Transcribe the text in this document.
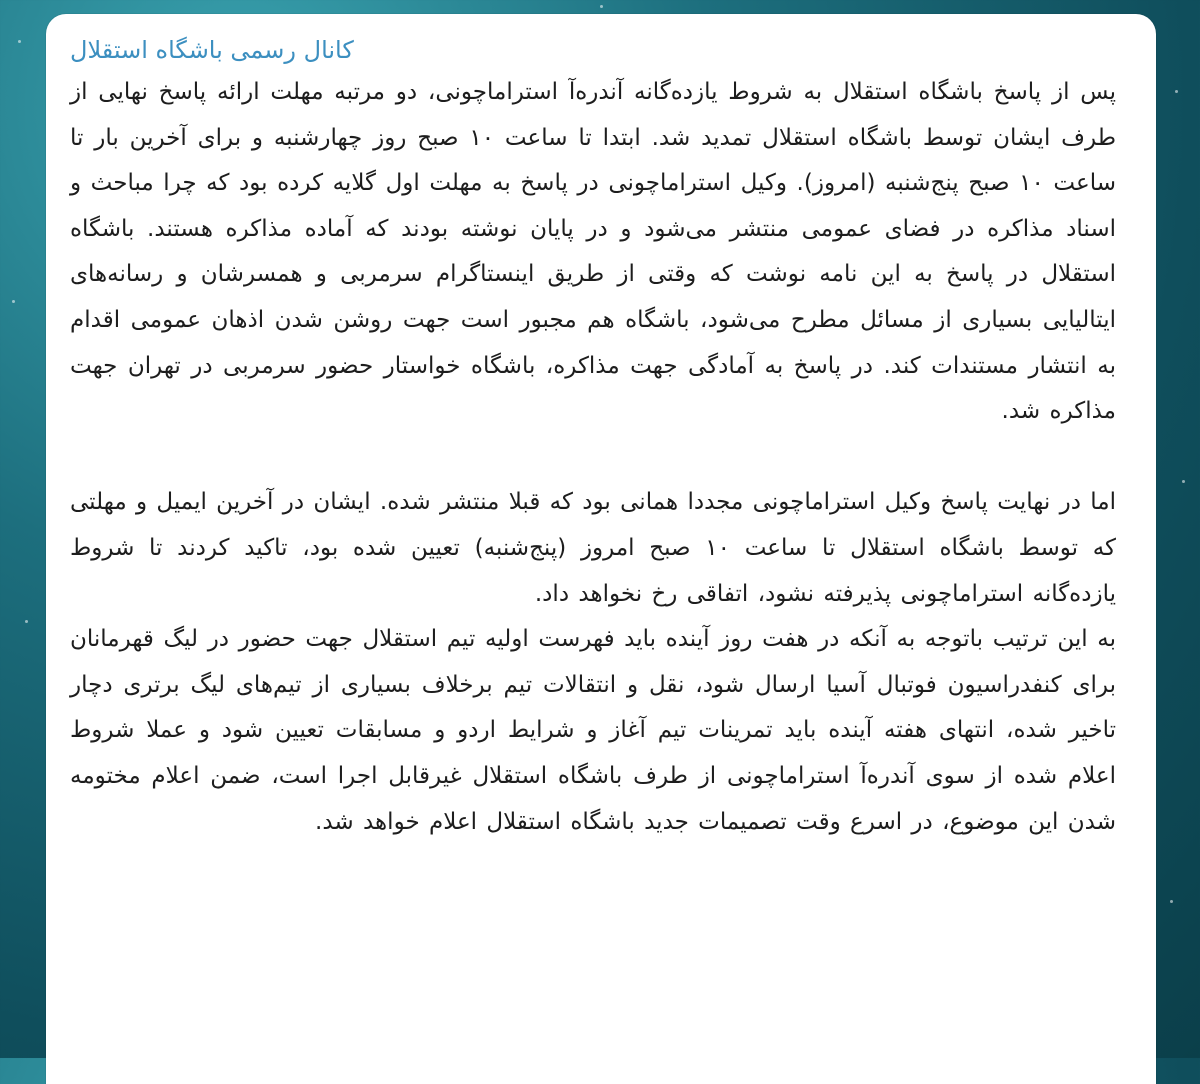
کانال رسمی باشگاه استقلال

پس از پاسخ باشگاه استقلال به شروط یازده‌گانه آندره‌آ استراماچونی، دو مرتبه مهلت ارائه پاسخ نهایی از طرف ایشان توسط باشگاه استقلال تمدید شد. ابتدا تا ساعت ۱۰ صبح روز چهارشنبه و برای آخرین بار تا ساعت ۱۰ صبح پنج‌شنبه (امروز). وکیل استراماچونی در پاسخ به مهلت اول گلایه کرده بود که چرا مباحث و اسناد مذاکره در فضای عمومی منتشر می‌شود و در پایان نوشته بودند که آماده مذاکره هستند. باشگاه استقلال در پاسخ به این نامه نوشت که وقتی از طریق اینستاگرام سرمربی و همسرشان و رسانه‌های ایتالیایی بسیاری از مسائل مطرح می‌شود، باشگاه هم مجبور است جهت روشن شدن اذهان عمومی اقدام به انتشار مستندات کند. در پاسخ به آمادگی جهت مذاکره، باشگاه خواستار حضور سرمربی در تهران جهت مذاکره شد.

اما در نهایت پاسخ وکیل استراماچونی مجددا همانی بود که قبلا منتشر شده. ایشان در آخرین ایمیل و مهلتی که توسط باشگاه استقلال تا ساعت ۱۰ صبح امروز (پنج‌شنبه) تعیین شده بود، تاکید کردند تا شروط یازده‌گانه استراماچونی پذیرفته نشود، اتفاقی رخ نخواهد داد.

به این ترتیب باتوجه به آنکه در هفت روز آینده باید فهرست اولیه تیم استقلال جهت حضور در لیگ قهرمانان برای کنفدراسیون فوتبال آسیا ارسال شود، نقل و انتقالات تیم برخلاف بسیاری از تیم‌های لیگ برتری دچار تاخیر شده، انتهای هفته آینده باید تمرینات تیم آغاز و شرایط اردو و مسابقات تعیین شود و عملا شروط اعلام شده از سوی آندره‌آ استراماچونی از طرف باشگاه استقلال غیرقابل اجرا است، ضمن اعلام مختومه شدن این موضوع، در اسرع وقت تصمیمات جدید باشگاه استقلال اعلام خواهد شد.
